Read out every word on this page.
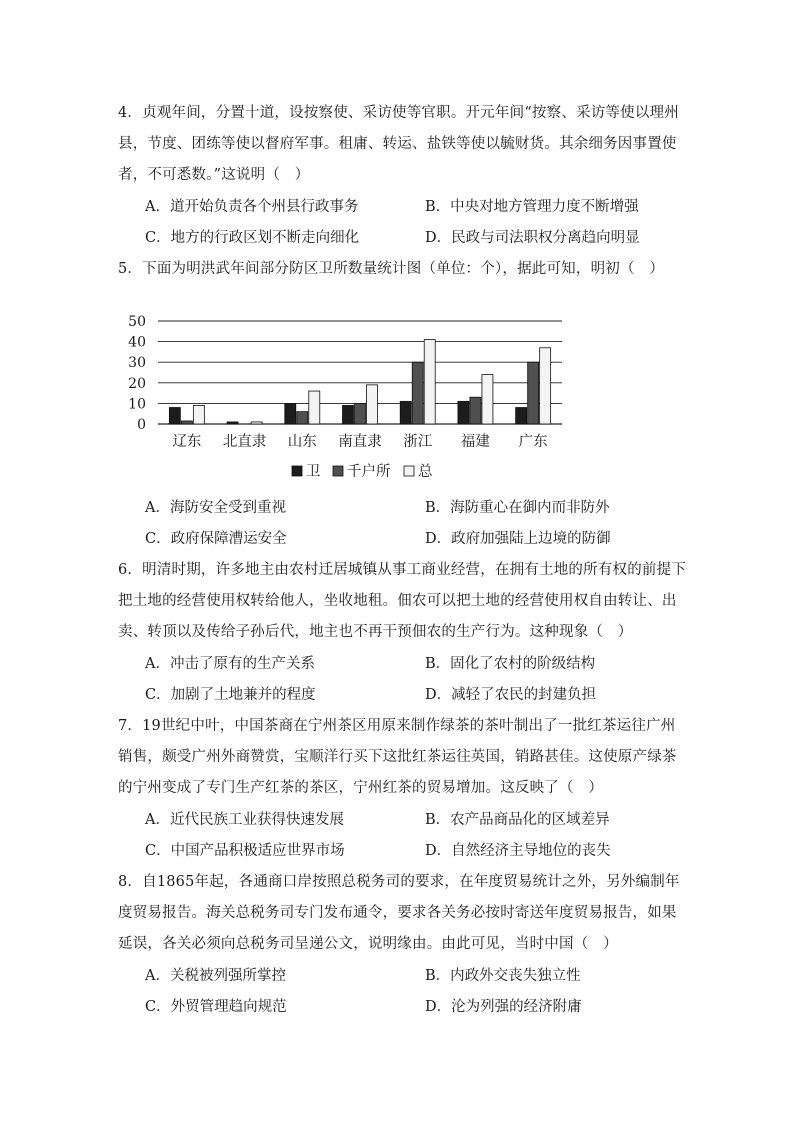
4．贞观年间，分置十道，设按察使、采访使等官职。开元年间“按察、采访等使以理州县，节度、团练等使以督府军事。租庸、转运、盐铁等使以毓财货。其余细务因事置使者，不可悉数。”这说明（　）
A．道开始负责各个州县行政事务	B．中央对地方管理力度不断增强
C．地方的行政区划不断走向细化	D．民政与司法职权分离趋向明显
5．下面为明洪武年间部分防区卫所数量统计图（单位：个），据此可知，明初（　）
0
10
20
30
40
50
辽东 北直隶 山东 南直隶 浙江 福建 广东
卫 千户所 总
A．海防安全受到重视	B．海防重心在御内而非防外
C．政府保障漕运安全	D．政府加强陆上边境的防御
6．明清时期，许多地主由农村迁居城镇从事工商业经营，在拥有土地的所有权的前提下把土地的经营使用权转给他人，坐收地租。佃农可以把土地的经营使用权自由转让、出卖、转顶以及传给子孙后代，地主也不再干预佃农的生产行为。这种现象（　）
A．冲击了原有的生产关系	B．固化了农村的阶级结构
C．加剧了土地兼并的程度	D．减轻了农民的封建负担
7．19世纪中叶，中国茶商在宁州茶区用原来制作绿茶的茶叶制出了一批红茶运往广州销售，颇受广州外商赞赏，宝顺洋行买下这批红茶运往英国，销路甚佳。这使原产绿茶的宁州变成了专门生产红茶的茶区，宁州红茶的贸易增加。这反映了（　）
A．近代民族工业获得快速发展	B．农产品商品化的区域差异
C．中国产品积极适应世界市场	D．自然经济主导地位的丧失
8．自1865年起，各通商口岸按照总税务司的要求，在年度贸易统计之外，另外编制年度贸易报告。海关总税务司专门发布通令，要求各关务必按时寄送年度贸易报告，如果延误，各关必须向总税务司呈递公文，说明缘由。由此可见，当时中国（　）
A．关税被列强所掌控	B．内政外交丧失独立性
C．外贸管理趋向规范	D．沦为列强的经济附庸
